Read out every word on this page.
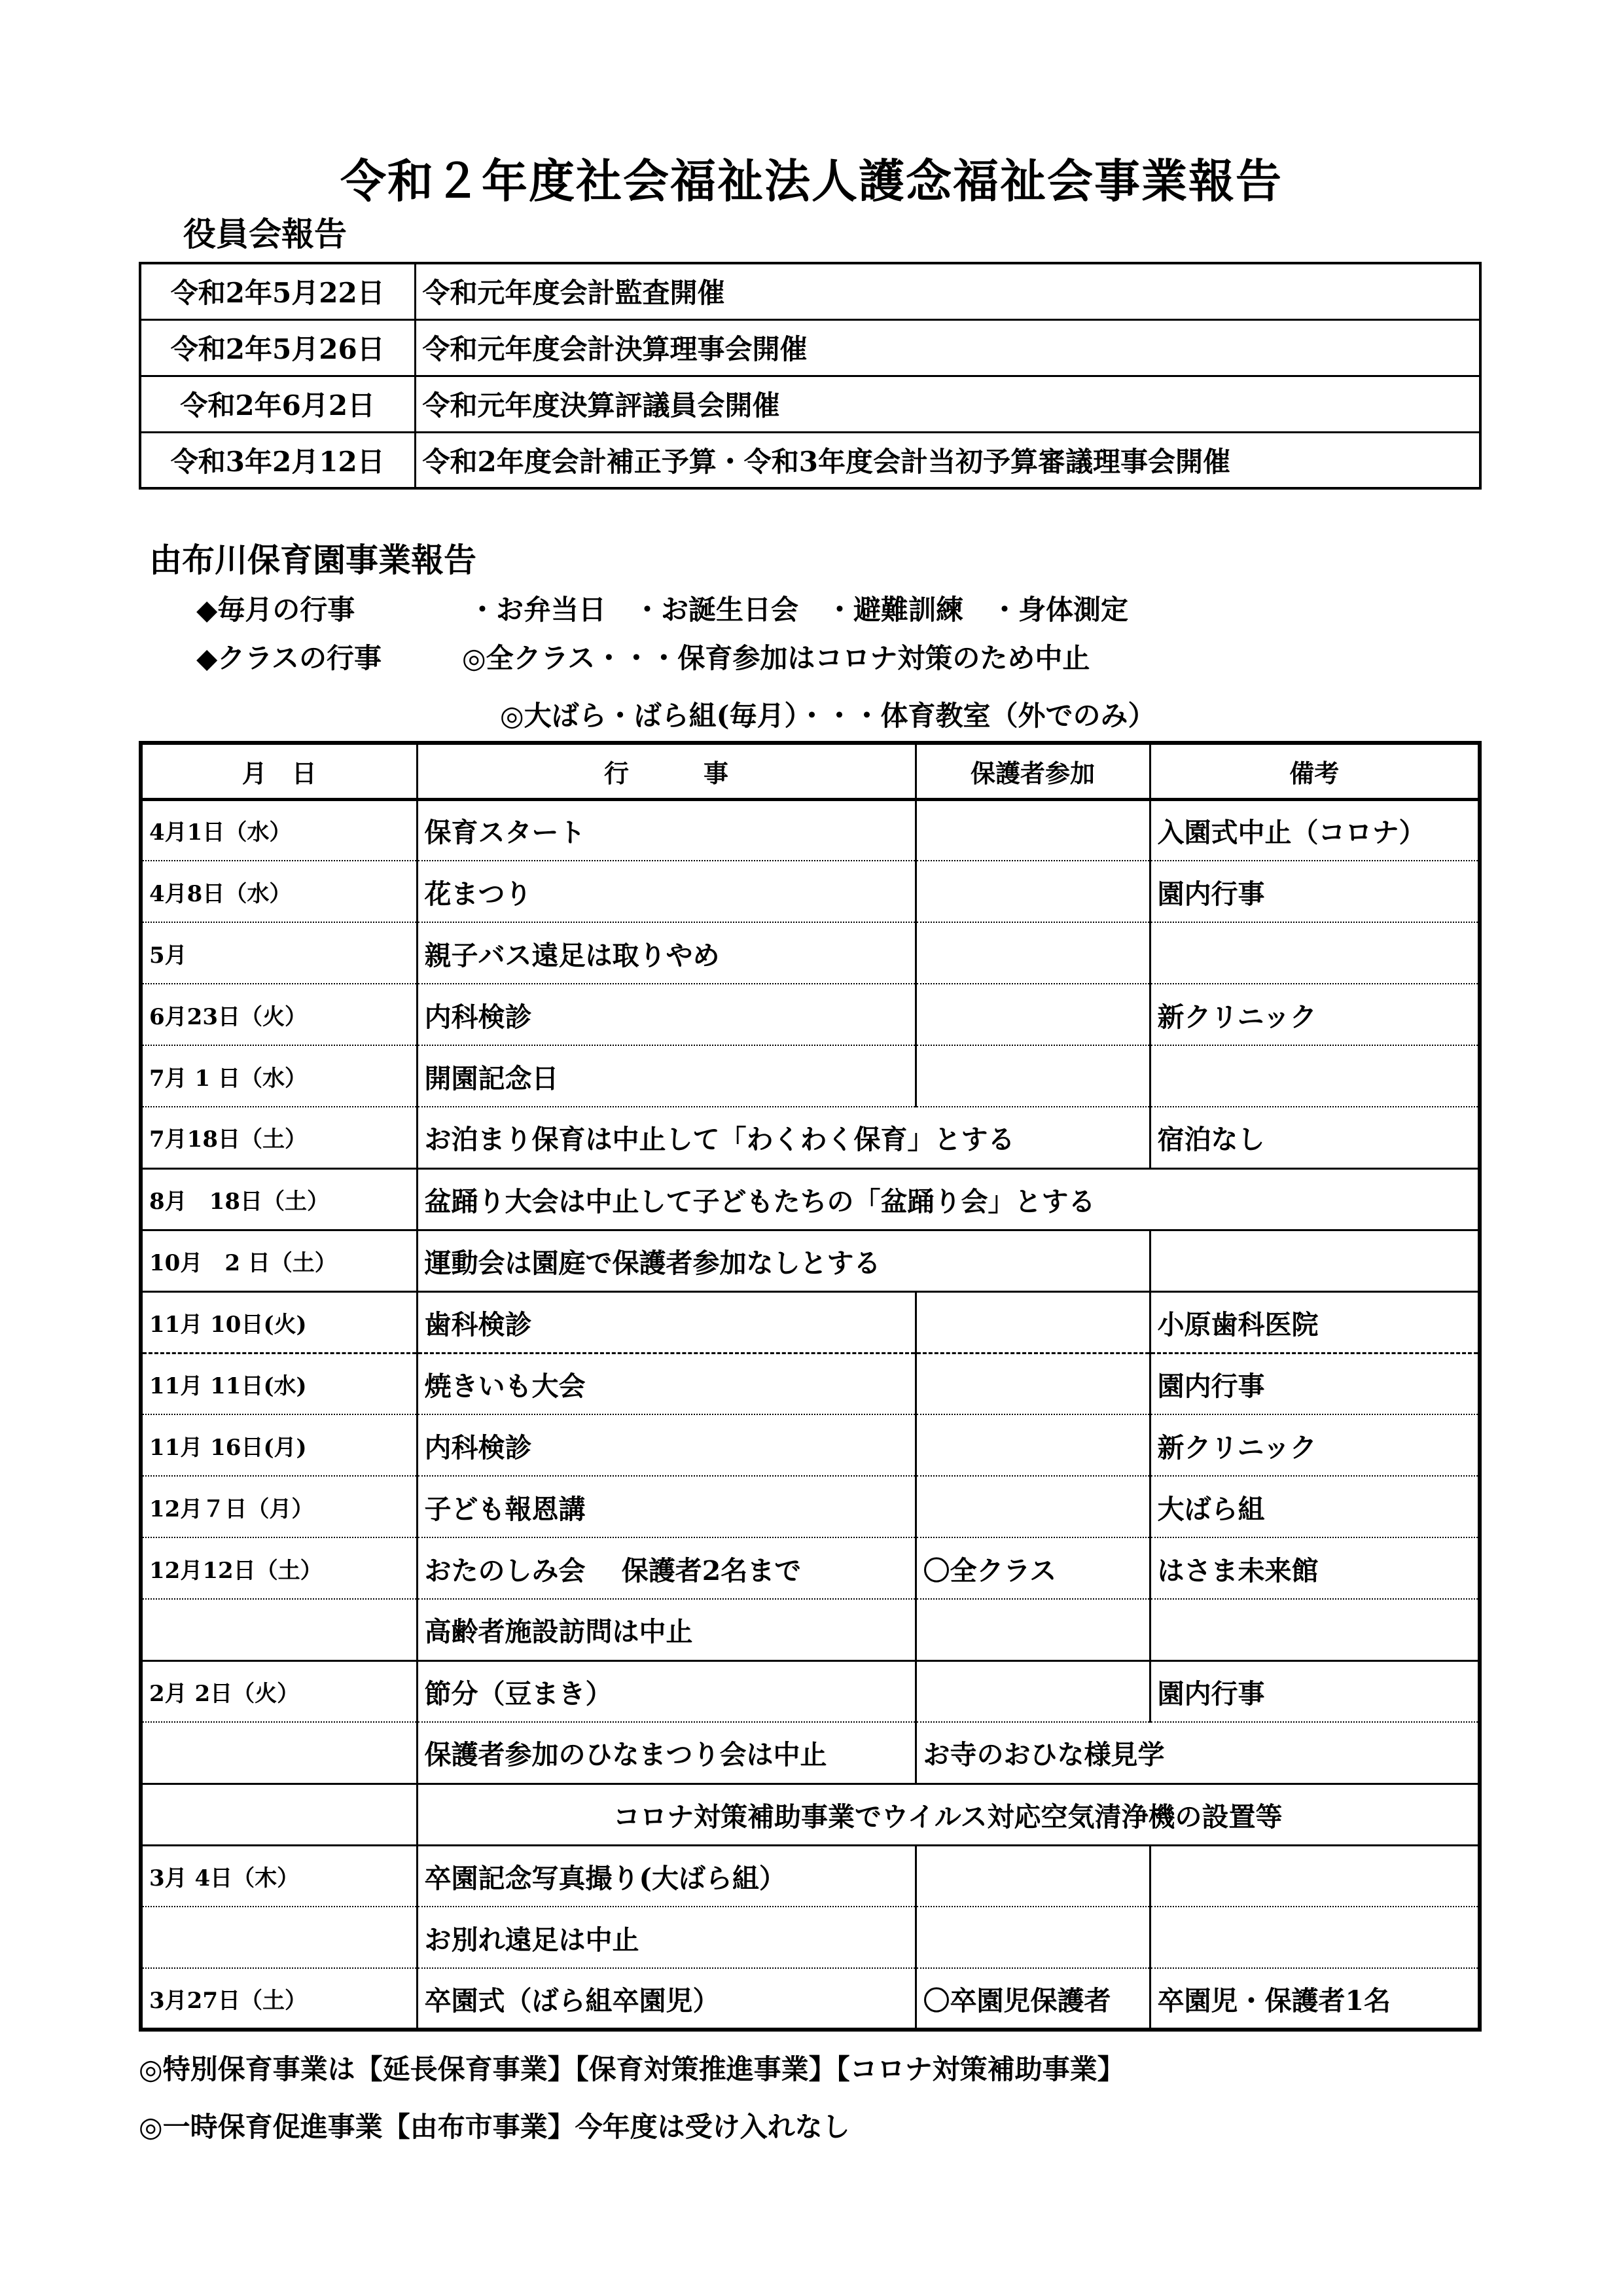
令和２年度社会福祉法人護念福祉会事業報告
役員会報告
令和2年5月22日	令和元年度会計監査開催
令和2年5月26日	令和元年度会計決算理事会開催
令和2年6月2日	令和元年度決算評議員会開催
令和3年2月12日	令和2年度会計補正予算・令和3年度会計当初予算審議理事会開催
由布川保育園事業報告
◆毎月の行事	・お弁当日　・お誕生日会　・避難訓練　・身体測定
◆クラスの行事	◎全クラス・・・保育参加はコロナ対策のため中止
◎大ばら・ばら組(毎月）・・・体育教室（外でのみ）
月　日	行　　　事	保護者参加	備考
4月1日（水）	保育スタート		入園式中止（コロナ）
4月8日（水）	花まつり		園内行事
5月	親子バス遠足は取りやめ		
6月23日（火）	内科検診		新クリニック
7月 1 日（水）	開園記念日		
7月18日（土）	お泊まり保育は中止して「わくわく保育」とする		宿泊なし
8月　18日（土）	盆踊り大会は中止して子どもたちの「盆踊り会」とする		
10月　2 日（土）	運動会は園庭で保護者参加なしとする		
11月 10日(火)	歯科検診		小原歯科医院
11月 11日(水)	焼きいも大会		園内行事
11月 16日(月)	内科検診		新クリニック
12月７日（月）	子ども報恩講		大ばら組
12月12日（土）	おたのしみ会　 保護者2名まで	〇全クラス	はさま未来館
	高齢者施設訪問は中止		
2月 2日（火）	節分（豆まき）		園内行事
	保護者参加のひなまつり会は中止	お寺のおひな様見学	
	コロナ対策補助事業でウイルス対応空気清浄機の設置等		
3月 4日（木）	卒園記念写真撮り(大ばら組）		
	お別れ遠足は中止		
3月27日（土）	卒園式（ばら組卒園児）	〇卒園児保護者	卒園児・保護者1名
◎特別保育事業は【延長保育事業】【保育対策推進事業】【コロナ対策補助事業】
◎一時保育促進事業【由布市事業】今年度は受け入れなし
